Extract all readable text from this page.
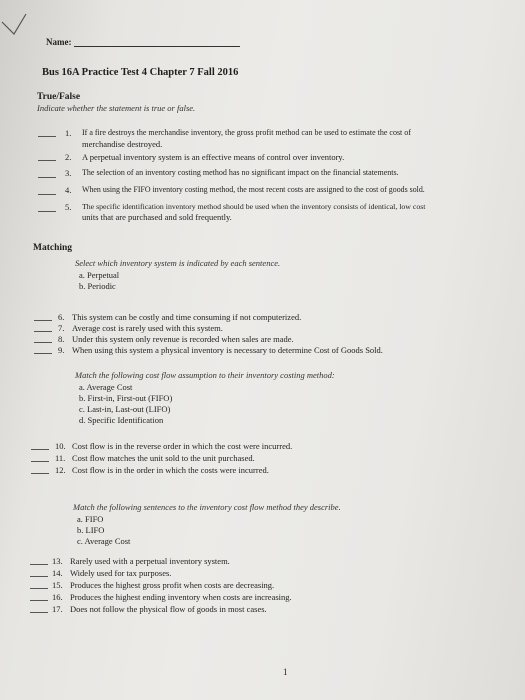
Name:
Bus 16A Practice Test 4 Chapter 7 Fall 2016
True/False
Indicate whether the statement is true or false.
1. If a fire destroys the merchandise inventory, the gross profit method can be used to estimate the cost of
merchandise destroyed.
2. A perpetual inventory system is an effective means of control over inventory.
3. The selection of an inventory costing method has no significant impact on the financial statements.
4. When using the FIFO inventory costing method, the most recent costs are assigned to the cost of goods sold.
5. The specific identification inventory method should be used when the inventory consists of identical, low cost
units that are purchased and sold frequently.
Matching
Select which inventory system is indicated by each sentence.
a. Perpetual
b. Periodic
6. This system can be costly and time consuming if not computerized.
7. Average cost is rarely used with this system.
8. Under this system only revenue is recorded when sales are made.
9. When using this system a physical inventory is necessary to determine Cost of Goods Sold.
Match the following cost flow assumption to their inventory costing method:
a. Average Cost
b. First-in, First-out (FIFO)
c. Last-in, Last-out (LIFO)
d. Specific Identification
10. Cost flow is in the reverse order in which the cost were incurred.
11. Cost flow matches the unit sold to the unit purchased.
12. Cost flow is in the order in which the costs were incurred.
Match the following sentences to the inventory cost flow method they describe.
a. FIFO
b. LIFO
c. Average Cost
13. Rarely used with a perpetual inventory system.
14. Widely used for tax purposes.
15. Produces the highest gross profit when costs are decreasing.
16. Produces the highest ending inventory when costs are increasing.
17. Does not follow the physical flow of goods in most cases.
1
